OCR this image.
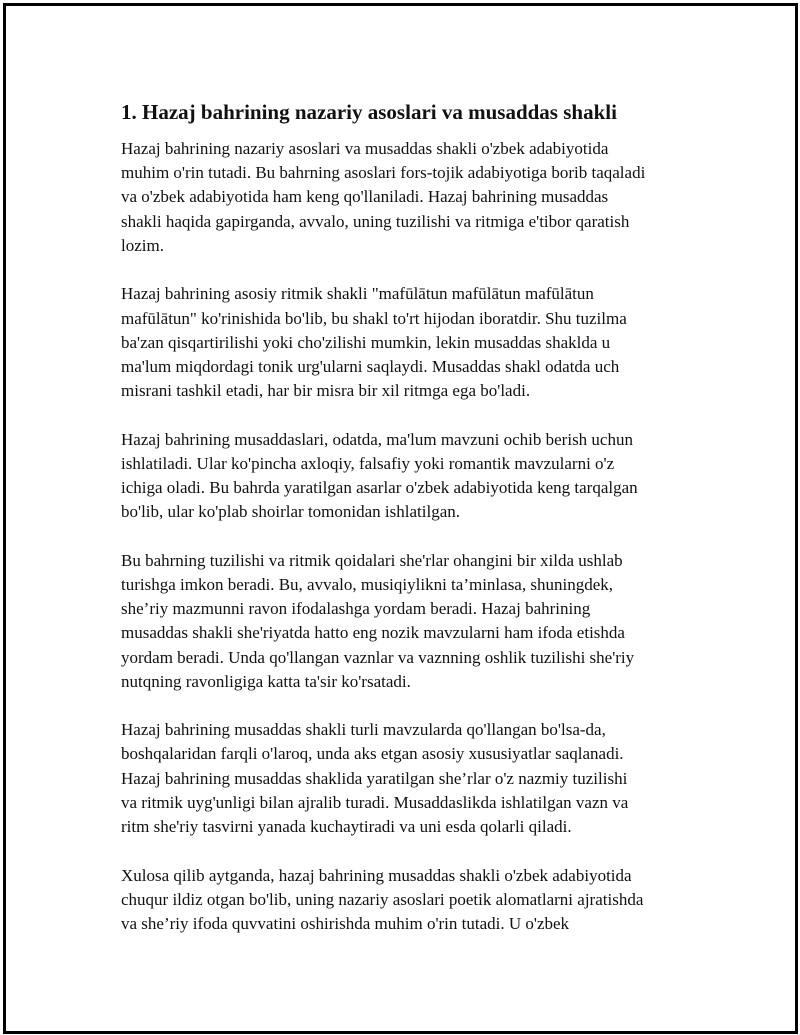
1. Hazaj bahrining nazariy asoslari va musaddas shakli

Hazaj bahrining nazariy asoslari va musaddas shakli o'zbek adabiyotida
muhim o'rin tutadi. Bu bahrning asoslari fors-tojik adabiyotiga borib taqaladi
va o'zbek adabiyotida ham keng qo'llaniladi. Hazaj bahrining musaddas
shakli haqida gapirganda, avvalo, uning tuzilishi va ritmiga e'tibor qaratish
lozim.

Hazaj bahrining asosiy ritmik shakli "mafūlātun mafūlātun mafūlātun
mafūlātun" ko'rinishida bo'lib, bu shakl to'rt hijodan iboratdir. Shu tuzilma
ba'zan qisqartirilishi yoki cho'zilishi mumkin, lekin musaddas shaklda u
ma'lum miqdordagi tonik urg'ularni saqlaydi. Musaddas shakl odatda uch
misrani tashkil etadi, har bir misra bir xil ritmga ega bo'ladi.

Hazaj bahrining musaddaslari, odatda, ma'lum mavzuni ochib berish uchun
ishlatiladi. Ular ko'pincha axloqiy, falsafiy yoki romantik mavzularni o'z
ichiga oladi. Bu bahrda yaratilgan asarlar o'zbek adabiyotida keng tarqalgan
bo'lib, ular ko'plab shoirlar tomonidan ishlatilgan.

Bu bahrning tuzilishi va ritmik qoidalari she'rlar ohangini bir xilda ushlab
turishga imkon beradi. Bu, avvalo, musiqiylikni ta’minlasa, shuningdek,
she’riy mazmunni ravon ifodalashga yordam beradi. Hazaj bahrining
musaddas shakli she'riyatda hatto eng nozik mavzularni ham ifoda etishda
yordam beradi. Unda qo'llangan vaznlar va vaznning oshlik tuzilishi she'riy
nutqning ravonligiga katta ta'sir ko'rsatadi.

Hazaj bahrining musaddas shakli turli mavzularda qo'llangan bo'lsa-da,
boshqalaridan farqli o'laroq, unda aks etgan asosiy xususiyatlar saqlanadi.
Hazaj bahrining musaddas shaklida yaratilgan she’rlar o'z nazmiy tuzilishi
va ritmik uyg'unligi bilan ajralib turadi. Musaddaslikda ishlatilgan vazn va
ritm she'riy tasvirni yanada kuchaytiradi va uni esda qolarli qiladi.

Xulosa qilib aytganda, hazaj bahrining musaddas shakli o'zbek adabiyotida
chuqur ildiz otgan bo'lib, uning nazariy asoslari poetik alomatlarni ajratishda
va she’riy ifoda quvvatini oshirishda muhim o'rin tutadi. U o'zbek
